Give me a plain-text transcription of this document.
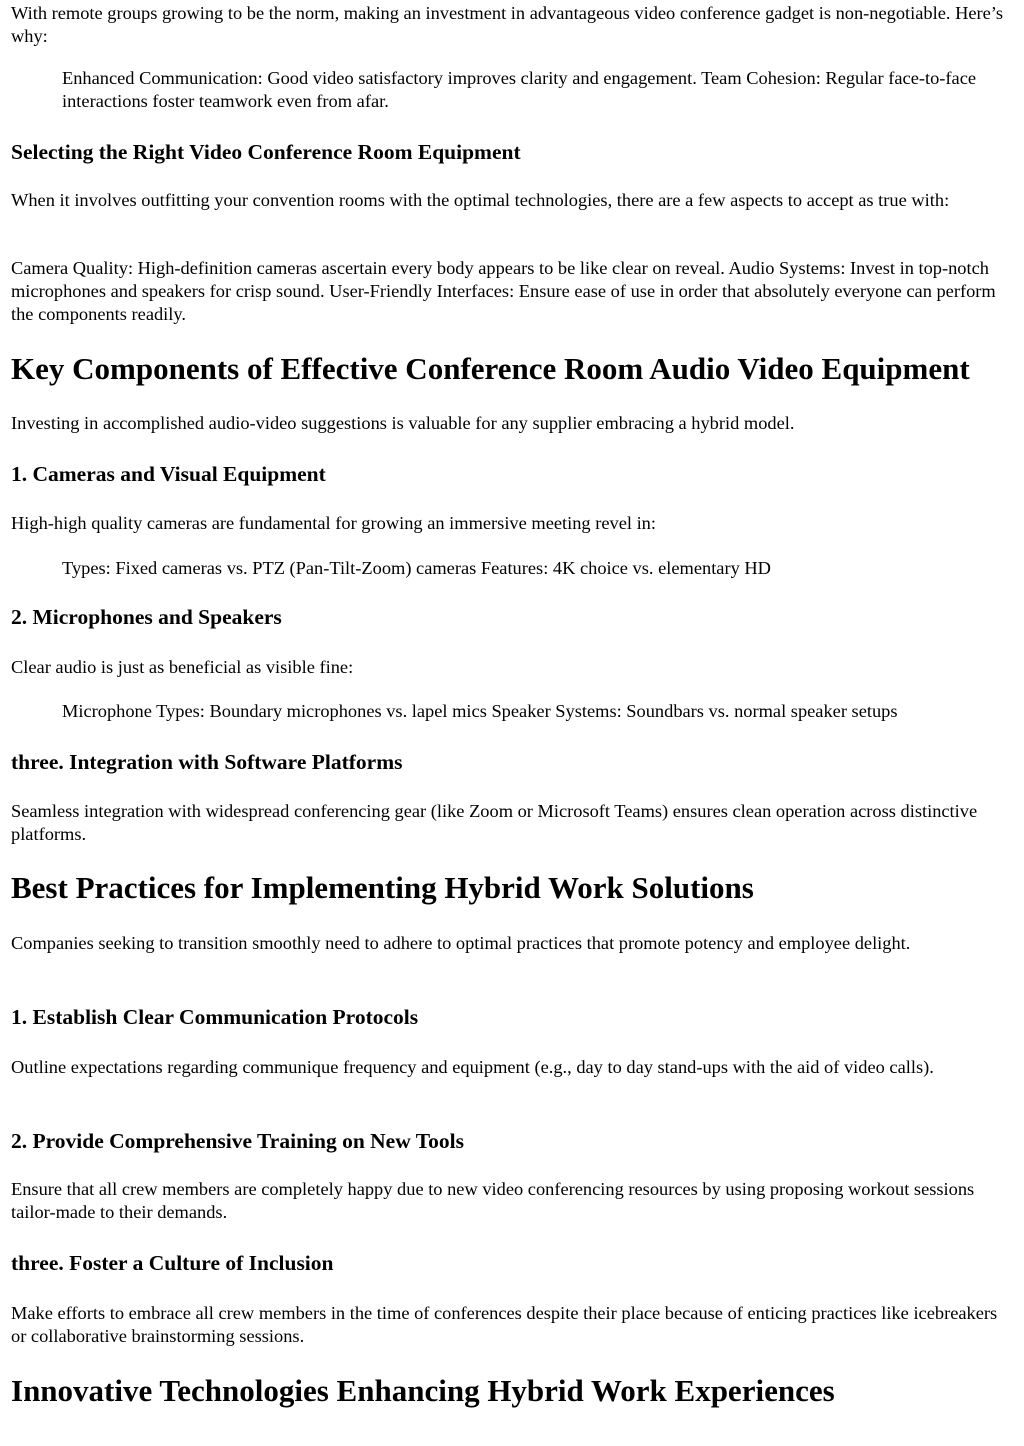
With remote groups growing to be the norm, making an investment in advantageous video conference gadget is non-negotiable. Here’s why:

Enhanced Communication: Good video satisfactory improves clarity and engagement. Team Cohesion: Regular face-to-face interactions foster teamwork even from afar.

Selecting the Right Video Conference Room Equipment

When it involves outfitting your convention rooms with the optimal technologies, there are a few aspects to accept as true with:

Camera Quality: High-definition cameras ascertain every body appears to be like clear on reveal. Audio Systems: Invest in top-notch microphones and speakers for crisp sound. User-Friendly Interfaces: Ensure ease of use in order that absolutely everyone can perform the components readily.

Key Components of Effective Conference Room Audio Video Equipment

Investing in accomplished audio-video suggestions is valuable for any supplier embracing a hybrid model.

1. Cameras and Visual Equipment

High-high quality cameras are fundamental for growing an immersive meeting revel in:

Types: Fixed cameras vs. PTZ (Pan-Tilt-Zoom) cameras Features: 4K choice vs. elementary HD

2. Microphones and Speakers

Clear audio is just as beneficial as visible fine:

Microphone Types: Boundary microphones vs. lapel mics Speaker Systems: Soundbars vs. normal speaker setups

three. Integration with Software Platforms

Seamless integration with widespread conferencing gear (like Zoom or Microsoft Teams) ensures clean operation across distinctive platforms.

Best Practices for Implementing Hybrid Work Solutions

Companies seeking to transition smoothly need to adhere to optimal practices that promote potency and employee delight.

1. Establish Clear Communication Protocols

Outline expectations regarding communique frequency and equipment (e.g., day to day stand-ups with the aid of video calls).

2. Provide Comprehensive Training on New Tools

Ensure that all crew members are completely happy due to new video conferencing resources by using proposing workout sessions tailor-made to their demands.

three. Foster a Culture of Inclusion

Make efforts to embrace all crew members in the time of conferences despite their place because of enticing practices like icebreakers or collaborative brainstorming sessions.

Innovative Technologies Enhancing Hybrid Work Experiences
